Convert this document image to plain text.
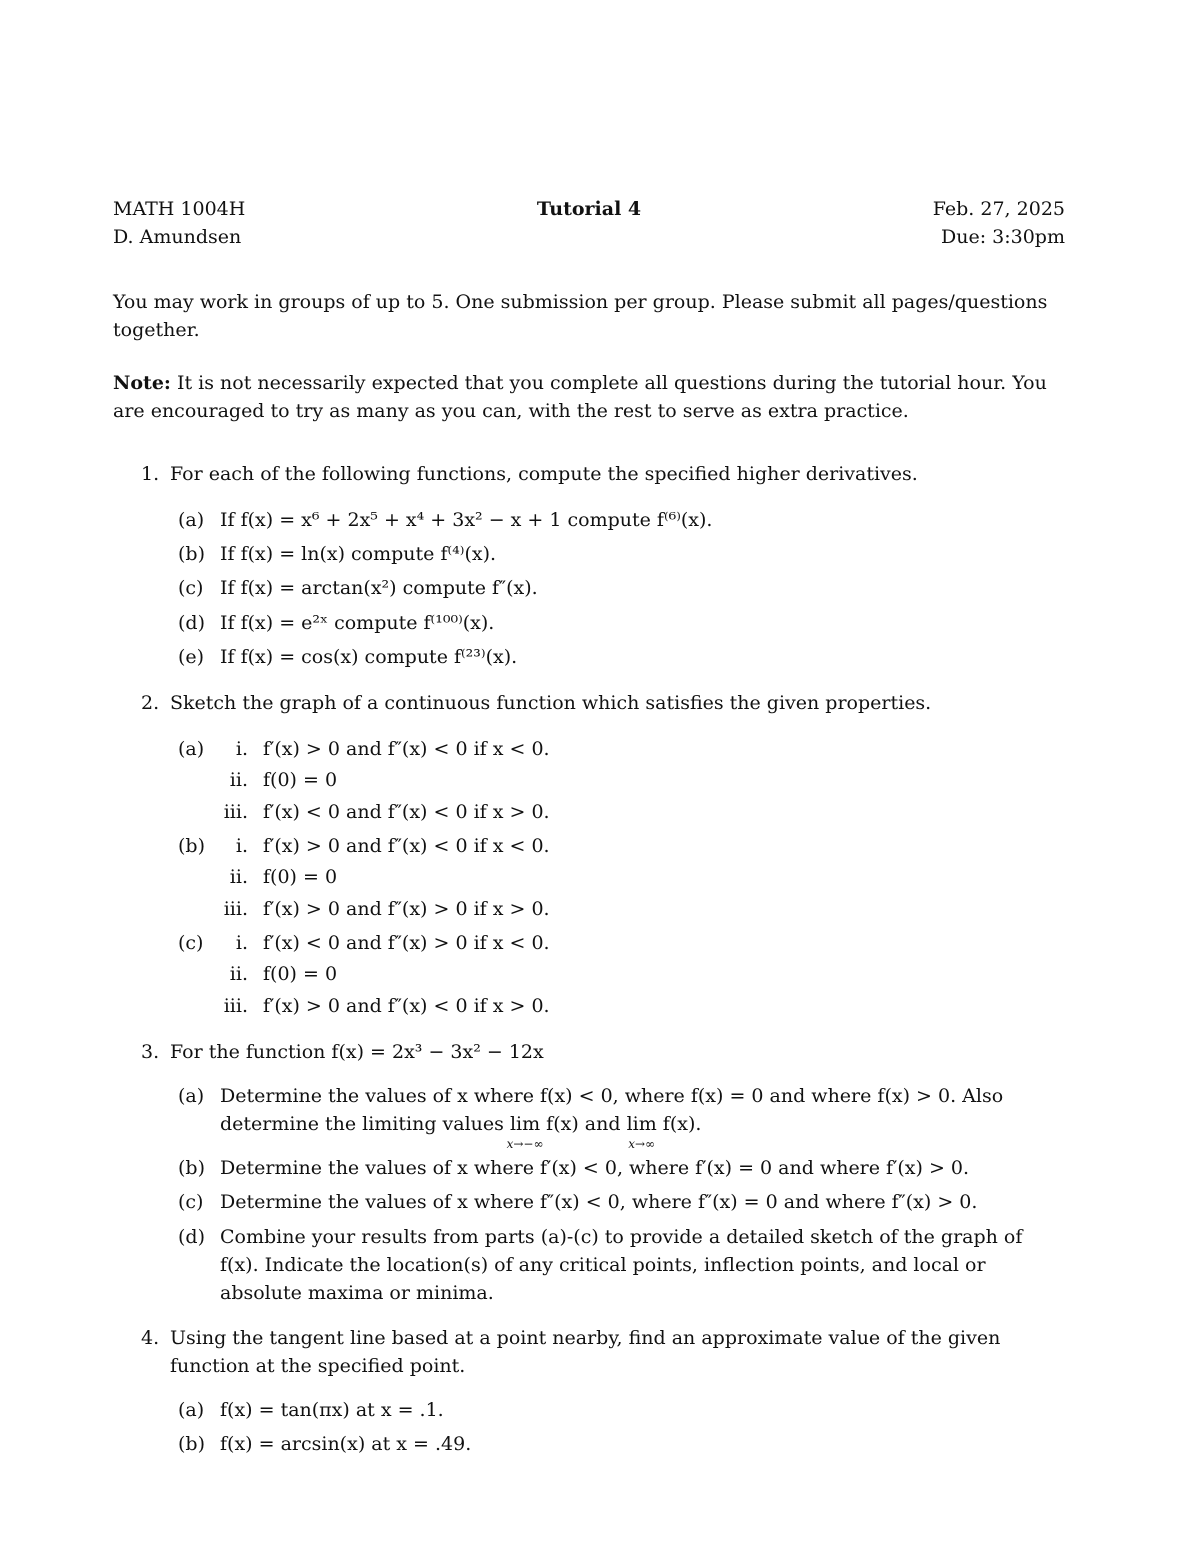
MATH 1004H
D. Amundsen
Tutorial 4	Feb. 27, 2025
Due: 3:30pm
You may work in groups of up to 5. One submission per group. Please submit all pages/questions together.
Note: It is not necessarily expected that you complete all questions during the tutorial hour. You are encouraged to try as many as you can, with the rest to serve as extra practice.
1. For each of the following functions, compute the specified higher derivatives.
(a) If f(x) = x⁶ + 2x⁵ + x⁴ + 3x² − x + 1 compute f⁽⁶⁾(x).
(b) If f(x) = ln(x) compute f⁽⁴⁾(x).
(c) If f(x) = arctan(x²) compute f″(x).
(d) If f(x) = e²ˣ compute f⁽¹⁰⁰⁾(x).
(e) If f(x) = cos(x) compute f⁽²³⁾(x).
2. Sketch the graph of a continuous function which satisfies the given properties.
(a)	i. f′(x) > 0 and f″(x) < 0 if x < 0.
ii. f(0) = 0
iii. f′(x) < 0 and f″(x) < 0 if x > 0.
(b)	i. f′(x) > 0 and f″(x) < 0 if x < 0.
ii. f(0) = 0
iii. f′(x) > 0 and f″(x) > 0 if x > 0.
(c)	i. f′(x) < 0 and f″(x) > 0 if x < 0.
ii. f(0) = 0
iii. f′(x) > 0 and f″(x) < 0 if x > 0.
3. For the function f(x) = 2x³ − 3x² − 12x
(a) Determine the values of x where f(x) < 0, where f(x) = 0 and where f(x) > 0. Also
determine the limiting values lim
x→−∞
f(x) and lim
x→∞
f(x).
(b) Determine the values of x where f′(x) < 0, where f′(x) = 0 and where f′(x) > 0.
(c) Determine the values of x where f″(x) < 0, where f″(x) = 0 and where f″(x) > 0.
(d) Combine your results from parts (a)-(c) to provide a detailed sketch of the graph of f(x). Indicate the location(s) of any critical points, inflection points, and local or absolute maxima or minima.
4. Using the tangent line based at a point nearby, find an approximate value of the given function at the specified point.
(a) f(x) = tan(πx) at x = .1.
(b) f(x) = arcsin(x) at x = .49.
